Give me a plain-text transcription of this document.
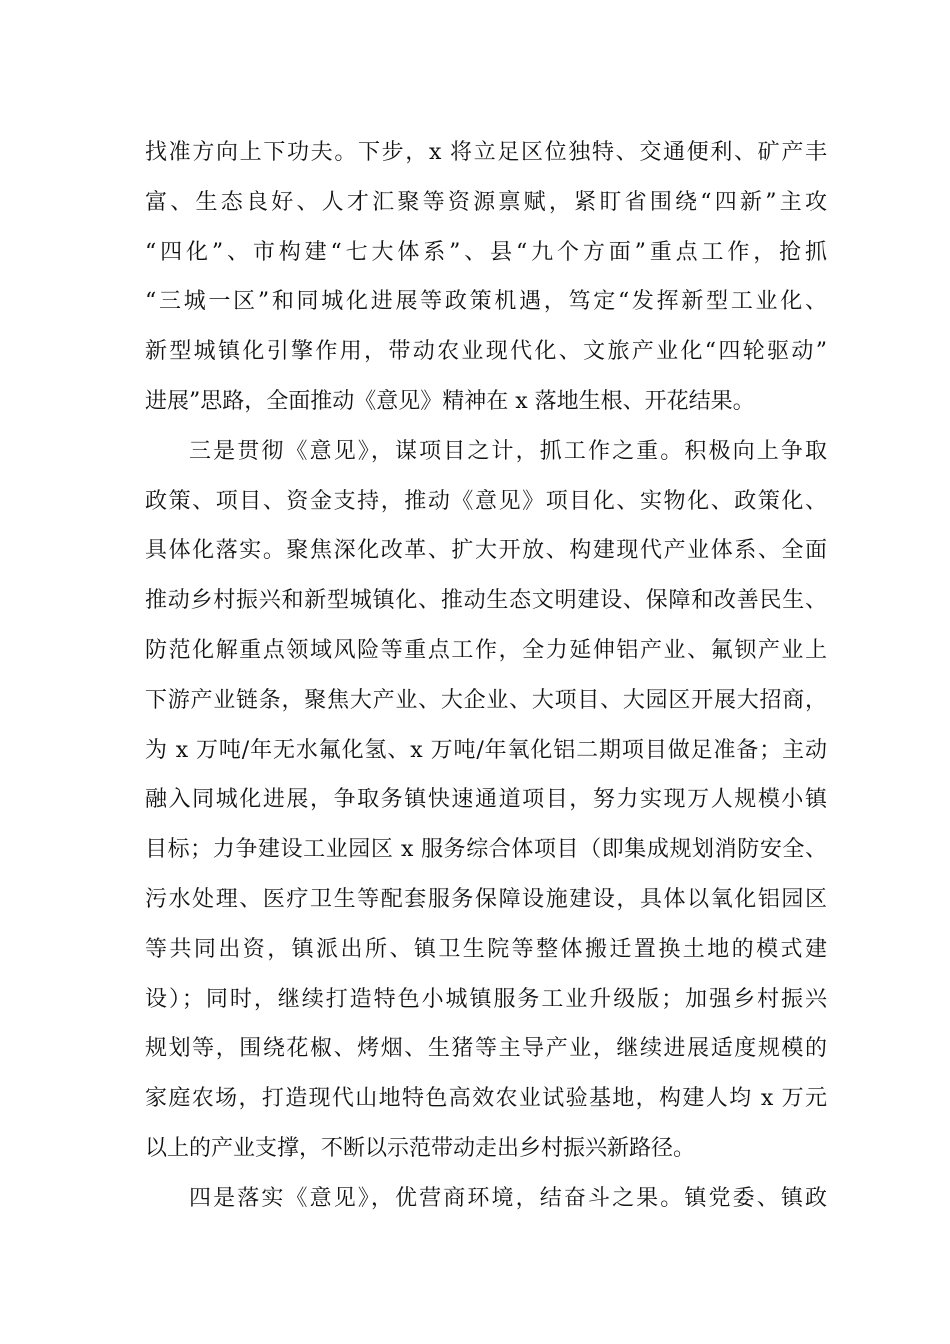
找准方向上下功夫。下步，x 将立足区位独特、交通便利、矿产丰
富、生态良好、人才汇聚等资源禀赋，紧盯省围绕“四新”主攻
“四化”、市构建“七大体系”、县“九个方面”重点工作，抢抓
“三城一区”和同城化进展等政策机遇，笃定“发挥新型工业化、
新型城镇化引擎作用，带动农业现代化、文旅产业化“四轮驱动”
进展”思路，全面推动《意见》精神在 x 落地生根、开花结果。
三是贯彻《意见》，谋项目之计，抓工作之重。积极向上争取
政策、项目、资金支持，推动《意见》项目化、实物化、政策化、
具体化落实。聚焦深化改革、扩大开放、构建现代产业体系、全面
推动乡村振兴和新型城镇化、推动生态文明建设、保障和改善民生、
防范化解重点领域风险等重点工作，全力延伸铝产业、氟钡产业上
下游产业链条，聚焦大产业、大企业、大项目、大园区开展大招商，
为 x 万吨/年无水氟化氢、x 万吨/年氧化铝二期项目做足准备；主动
融入同城化进展，争取务镇快速通道项目，努力实现万人规模小镇
目标；力争建设工业园区 x 服务综合体项目（即集成规划消防安全、
污水处理、医疗卫生等配套服务保障设施建设，具体以氧化铝园区
等共同出资，镇派出所、镇卫生院等整体搬迁置换土地的模式建
设）；同时，继续打造特色小城镇服务工业升级版；加强乡村振兴
规划等，围绕花椒、烤烟、生猪等主导产业，继续进展适度规模的
家庭农场，打造现代山地特色高效农业试验基地，构建人均 x 万元
以上的产业支撑，不断以示范带动走出乡村振兴新路径。
四是落实《意见》，优营商环境，结奋斗之果。镇党委、镇政
